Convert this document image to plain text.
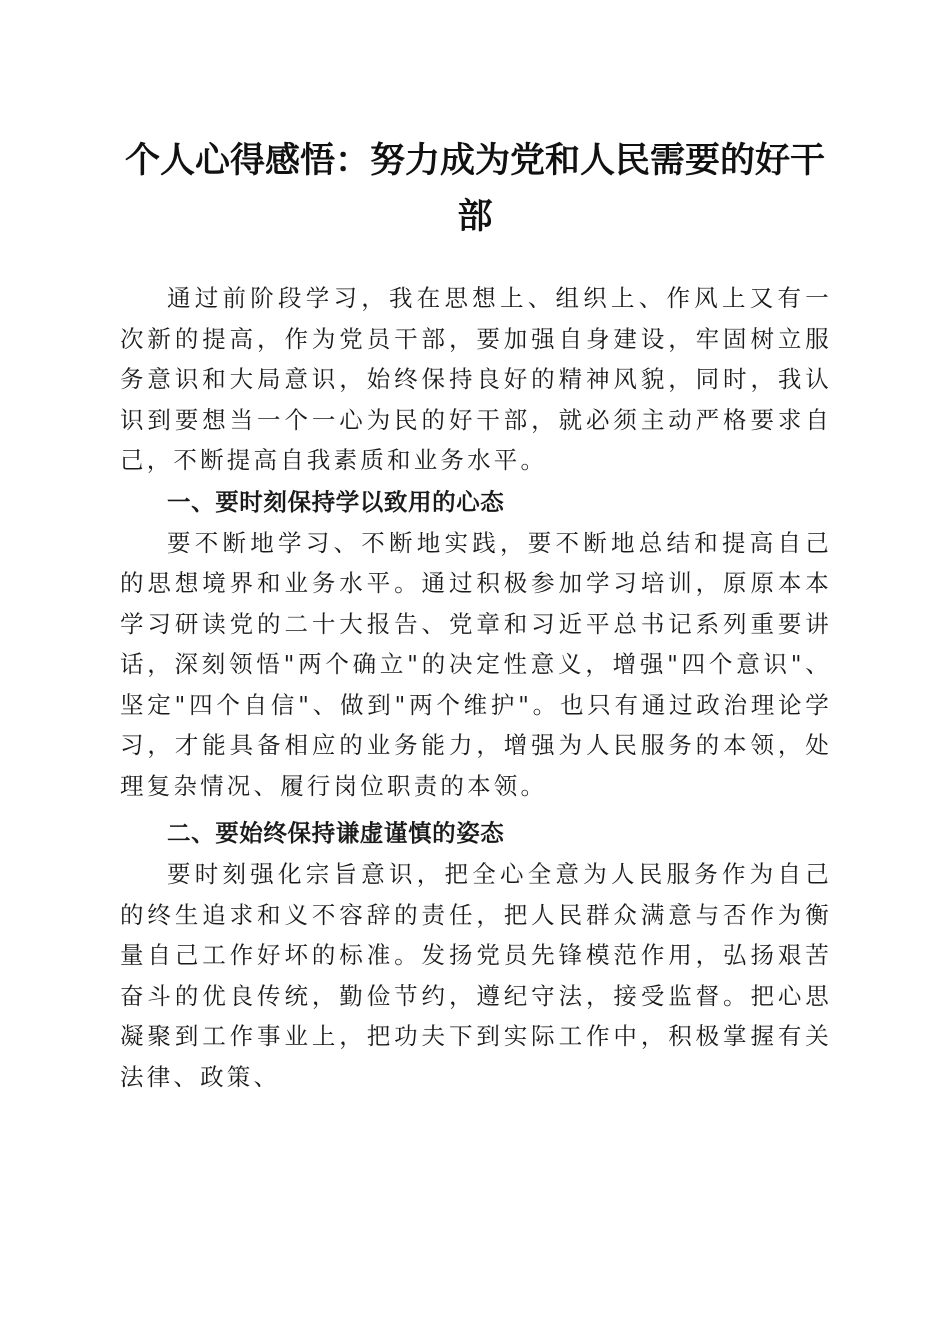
个人心得感悟：努力成为党和人民需要的好干部

通过前阶段学习，我在思想上、组织上、作风上又有一次新的提高，作为党员干部，要加强自身建设，牢固树立服务意识和大局意识，始终保持良好的精神风貌，同时，我认识到要想当一个一心为民的好干部，就必须主动严格要求自己，不断提高自我素质和业务水平。

一、要时刻保持学以致用的心态

要不断地学习、不断地实践，要不断地总结和提高自己的思想境界和业务水平。通过积极参加学习培训，原原本本学习研读党的二十大报告、党章和习近平总书记系列重要讲话，深刻领悟"两个确立"的决定性意义，增强"四个意识"、坚定"四个自信"、做到"两个维护"。也只有通过政治理论学习，才能具备相应的业务能力，增强为人民服务的本领，处理复杂情况、履行岗位职责的本领。

二、要始终保持谦虚谨慎的姿态

要时刻强化宗旨意识，把全心全意为人民服务作为自己的终生追求和义不容辞的责任，把人民群众满意与否作为衡量自己工作好坏的标准。发扬党员先锋模范作用，弘扬艰苦奋斗的优良传统，勤俭节约，遵纪守法，接受监督。把心思凝聚到工作事业上，把功夫下到实际工作中，积极掌握有关法律、政策、
